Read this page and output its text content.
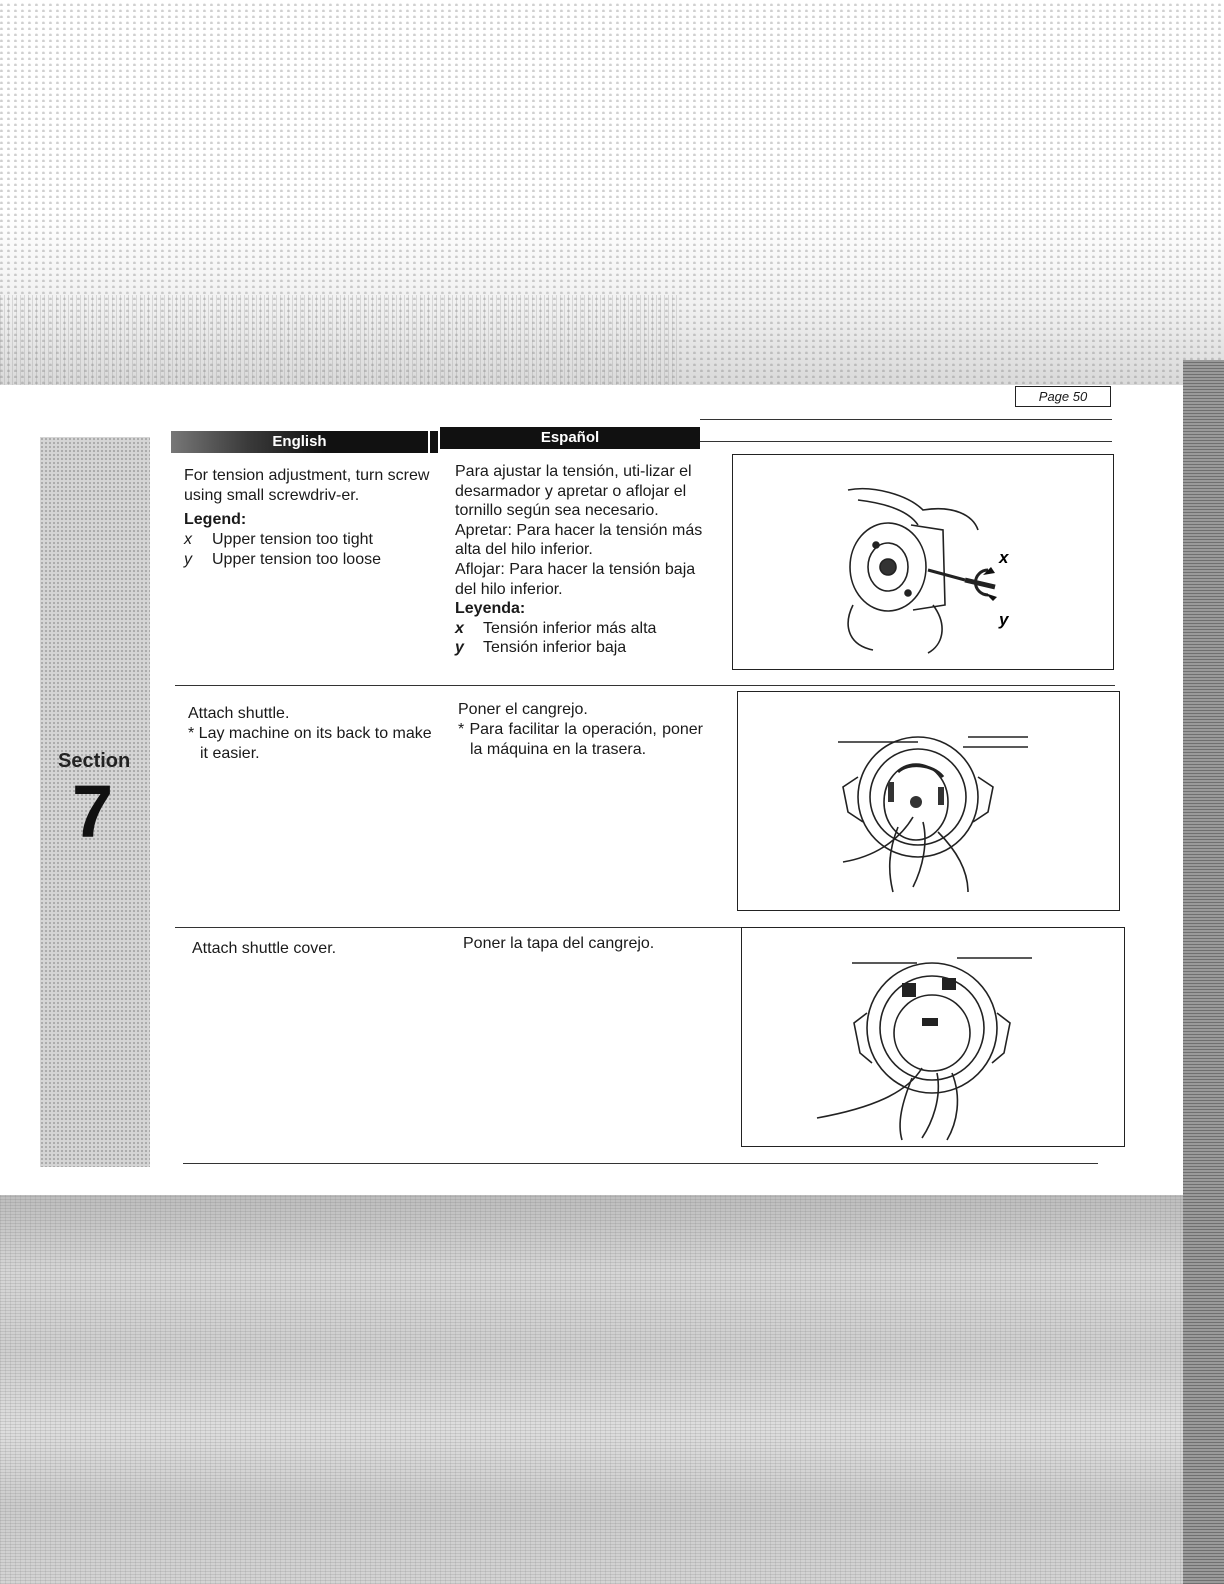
Page 50
Section
7
English	Español

For tension adjustment, turn screw using small screwdriv-er.

Legend:

x	Upper tension too tight
y	Upper tension too loose

Para ajustar la tensión, uti-lizar el desarmador y apretar o aflojar el tornillo según sea necesario.

Apretar: Para hacer la tensión más alta del hilo inferior.

Aflojar: Para hacer la tensión baja del hilo inferior.

Leyenda:

x	Tensión inferior más alta
y	Tensión inferior baja
x
y

Attach shuttle.

* Lay machine on its back to make it easier.

Poner el cangrejo.

* Para facilitar la operación, poner la máquina en la trasera.

Attach shuttle cover.	Poner la tapa del cangrejo.
